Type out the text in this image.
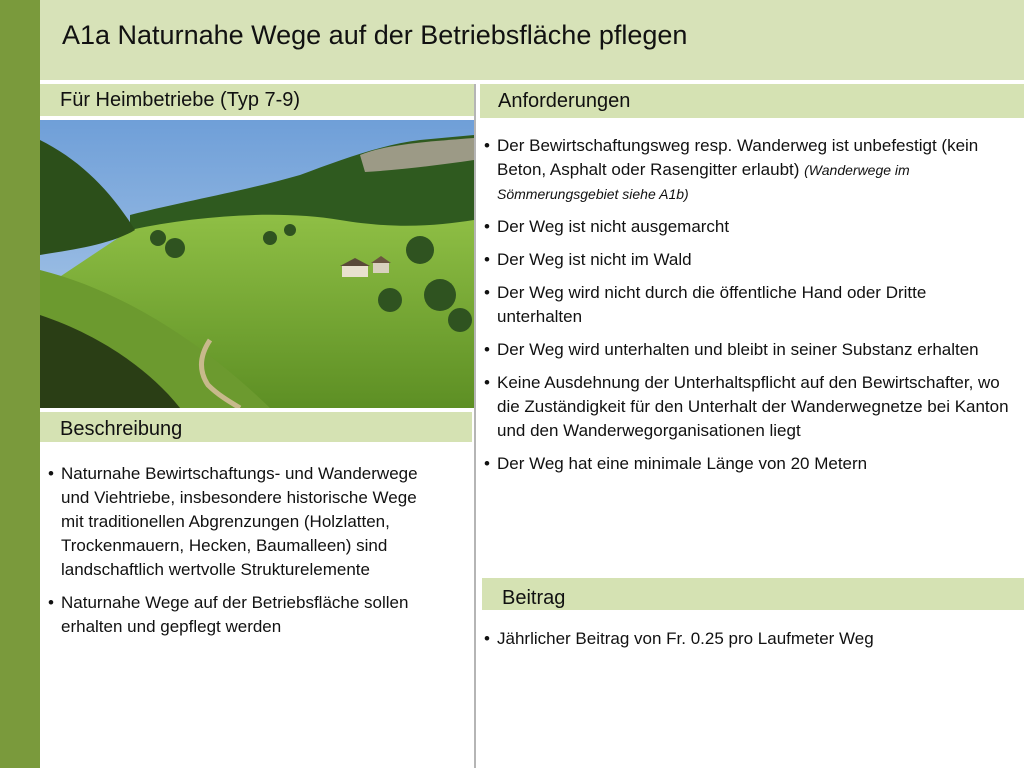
A1a Naturnahe Wege auf der Betriebsfläche pflegen
Für Heimbetriebe (Typ 7-9)	Anforderungen
Beschreibung
• Naturnahe Bewirtschaftungs- und Wanderwege und Viehtriebe, insbesondere historische Wege mit traditionellen Abgrenzungen (Holzlatten, Trockenmauern, Hecken, Baumalleen) sind landschaftlich wertvolle Strukturelemente
• Naturnahe Wege auf der Betriebsfläche sollen erhalten und gepflegt werden
• Der Bewirtschaftungsweg resp. Wanderweg ist unbefestigt (kein Beton, Asphalt oder Rasengitter erlaubt) (Wanderwege im Sömmerungsgebiet siehe A1b)
• Der Weg ist nicht ausgemarcht
• Der Weg ist nicht im Wald
• Der Weg wird nicht durch die öffentliche Hand oder Dritte unterhalten
• Der Weg wird unterhalten und bleibt in seiner Substanz erhalten
• Keine Ausdehnung der Unterhaltspflicht auf den Bewirtschafter, wo die Zuständigkeit für den Unterhalt der Wanderwegnetze bei Kanton und den Wanderwegorganisationen liegt
• Der Weg hat eine minimale Länge von 20 Metern
Beitrag
• Jährlicher Beitrag von Fr. 0.25 pro Laufmeter Weg
